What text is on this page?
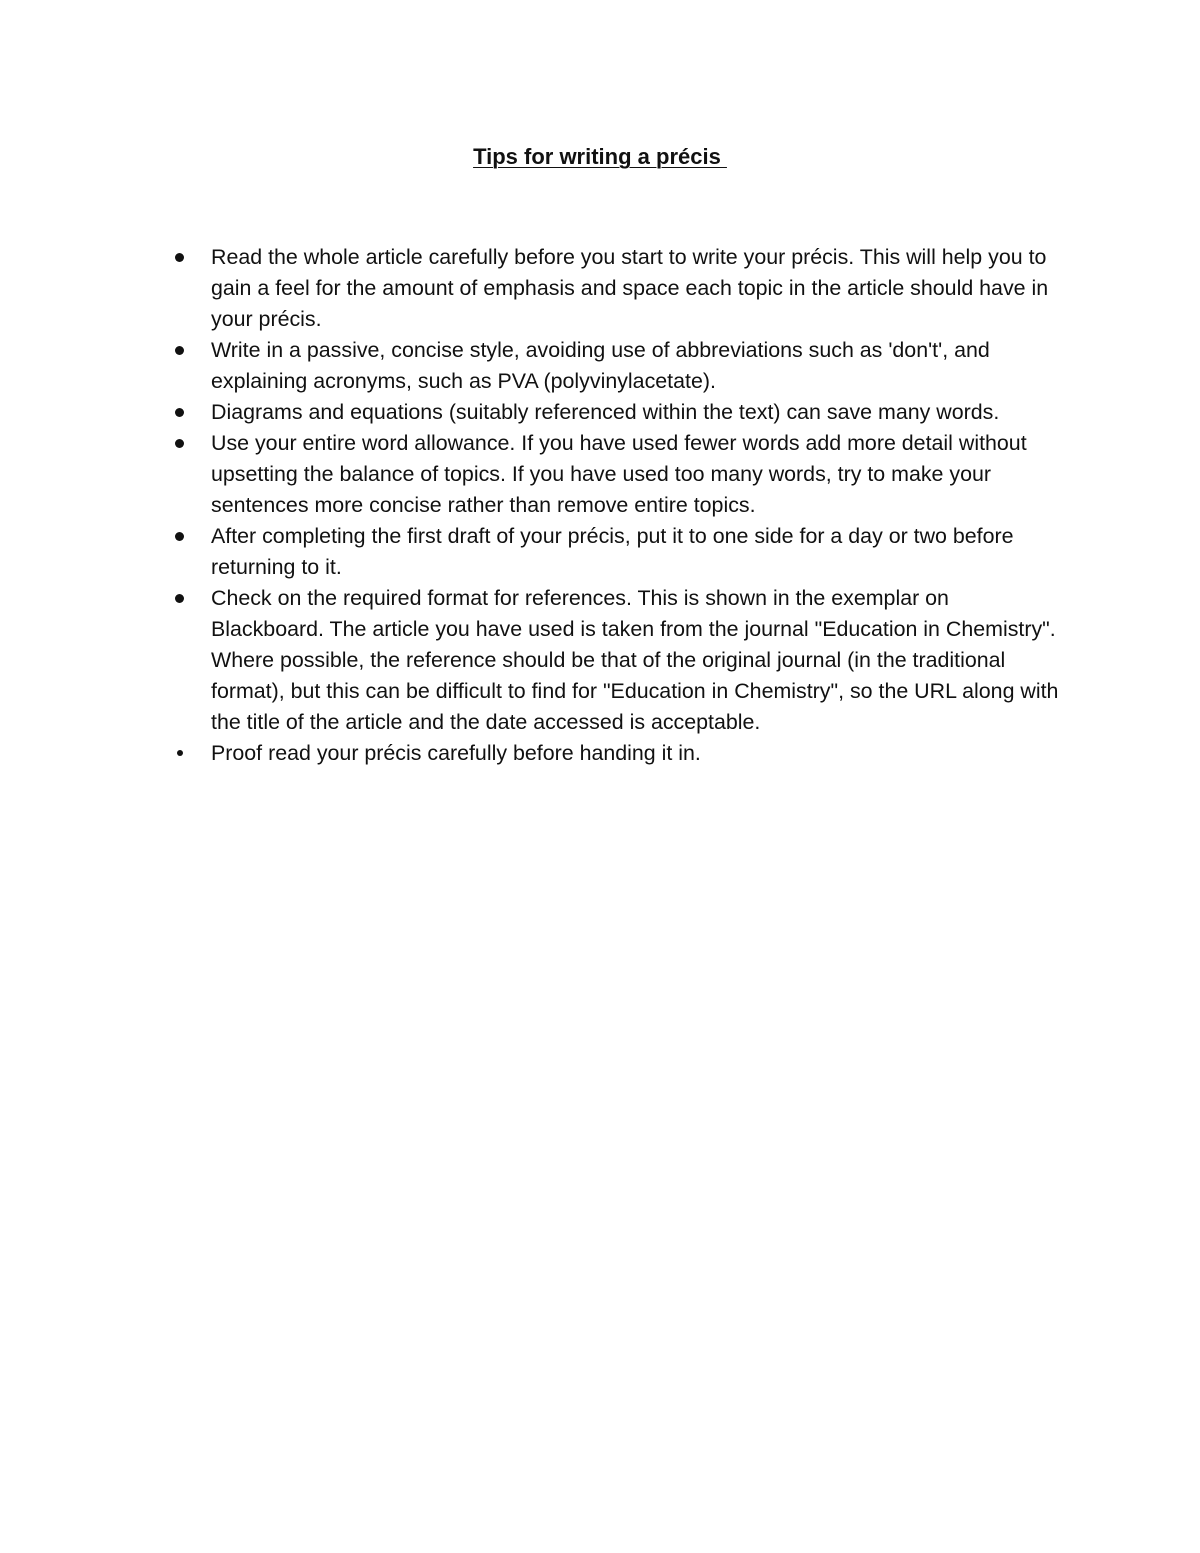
Tips for writing a précis
Read the whole article carefully before you start to write your précis. This will help you to gain a feel for the amount of emphasis and space each topic in the article should have in your précis.
Write in a passive, concise style, avoiding use of abbreviations such as 'don't', and explaining acronyms, such as PVA (polyvinylacetate).
Diagrams and equations (suitably referenced within the text) can save many words.
Use your entire word allowance. If you have used fewer words add more detail without upsetting the balance of topics. If you have used too many words, try to make your sentences more concise rather than remove entire topics.
After completing the first draft of your précis, put it to one side for a day or two before returning to it.
Check on the required format for references. This is shown in the exemplar on Blackboard. The article you have used is taken from the journal "Education in Chemistry". Where possible, the reference should be that of the original journal (in the traditional format), but this can be difficult to find for "Education in Chemistry", so the URL along with the title of the article and the date accessed is acceptable.
Proof read your précis carefully before handing it in.
